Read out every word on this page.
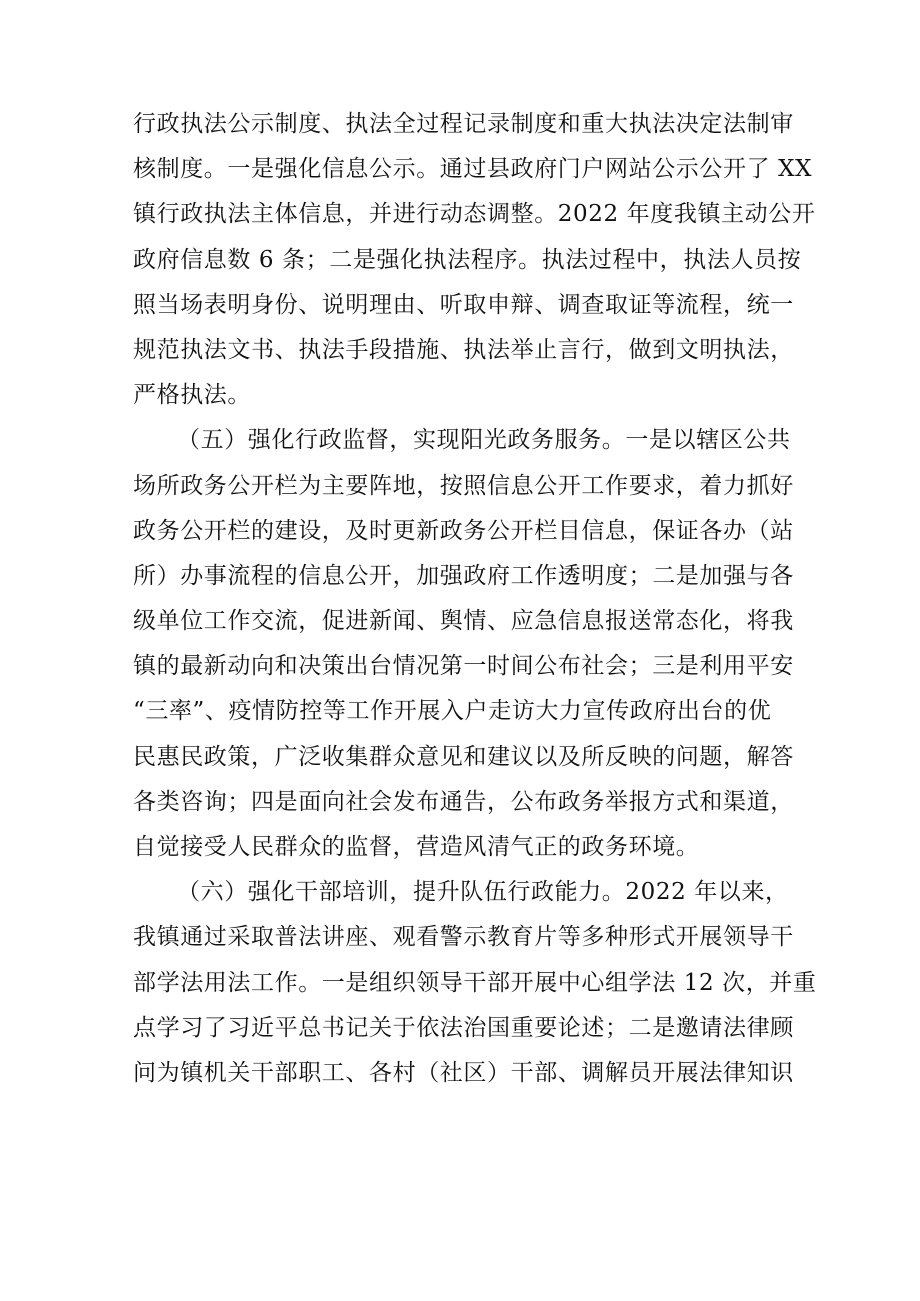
行政执法公示制度、执法全过程记录制度和重大执法决定法制审
核制度。一是强化信息公示。通过县政府门户网站公示公开了 XX
镇行政执法主体信息，并进行动态调整。2022 年度我镇主动公开
政府信息数 6 条；二是强化执法程序。执法过程中，执法人员按
照当场表明身份、说明理由、听取申辩、调查取证等流程，统一
规范执法文书、执法手段措施、执法举止言行，做到文明执法，
严格执法。
（五）强化行政监督，实现阳光政务服务。一是以辖区公共
场所政务公开栏为主要阵地，按照信息公开工作要求，着力抓好
政务公开栏的建设，及时更新政务公开栏目信息，保证各办（站
所）办事流程的信息公开，加强政府工作透明度；二是加强与各
级单位工作交流，促进新闻、舆情、应急信息报送常态化，将我
镇的最新动向和决策出台情况第一时间公布社会；三是利用平安
“三率”、疫情防控等工作开展入户走访大力宣传政府出台的优
民惠民政策，广泛收集群众意见和建议以及所反映的问题，解答
各类咨询；四是面向社会发布通告，公布政务举报方式和渠道，
自觉接受人民群众的监督，营造风清气正的政务环境。
（六）强化干部培训，提升队伍行政能力。2022 年以来，
我镇通过采取普法讲座、观看警示教育片等多种形式开展领导干
部学法用法工作。一是组织领导干部开展中心组学法 12 次，并重
点学习了习近平总书记关于依法治国重要论述；二是邀请法律顾
问为镇机关干部职工、各村（社区）干部、调解员开展法律知识
